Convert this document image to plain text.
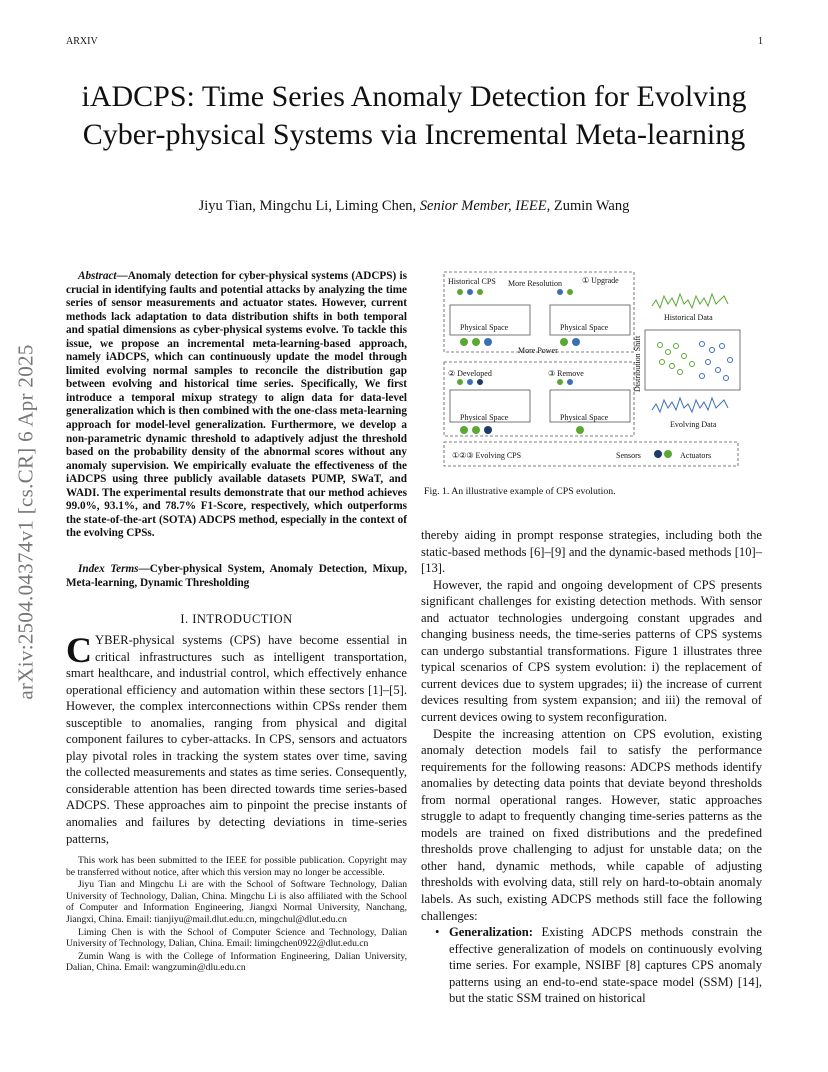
ARXIV	1
arXiv:2504.04374v1 [cs.CR] 6 Apr 2025
iADCPS: Time Series Anomaly Detection for Evolving Cyber-physical Systems via Incremental Meta-learning
Jiyu Tian, Mingchu Li, Liming Chen, Senior Member, IEEE, Zumin Wang
Abstract—Anomaly detection for cyber-physical systems (ADCPS) is crucial in identifying faults and potential attacks by analyzing the time series of sensor measurements and actuator states. However, current methods lack adaptation to data distribution shifts in both temporal and spatial dimensions as cyber-physical systems evolve. To tackle this issue, we propose an incremental meta-learning-based approach, namely iADCPS, which can continuously update the model through limited evolving normal samples to reconcile the distribution gap between evolving and historical time series. Specifically, We first introduce a temporal mixup strategy to align data for data-level generalization which is then combined with the one-class meta-learning approach for model-level generalization. Furthermore, we develop a non-parametric dynamic threshold to adaptively adjust the threshold based on the probability density of the abnormal scores without any anomaly supervision. We empirically evaluate the effectiveness of the iADCPS using three publicly available datasets PUMP, SWaT, and WADI. The experimental results demonstrate that our method achieves 99.0%, 93.1%, and 78.7% F1-Score, respectively, which outperforms the state-of-the-art (SOTA) ADCPS method, especially in the context of the evolving CPSs.
Index Terms—Cyber-physical System, Anomaly Detection, Mixup, Meta-learning, Dynamic Thresholding
I. INTRODUCTION
CYBER-physical systems (CPS) have become essential in critical infrastructures such as intelligent transportation, smart healthcare, and industrial control, which effectively enhance operational efficiency and automation within these sectors [1]–[5]. However, the complex interconnections within CPSs render them susceptible to anomalies, ranging from physical and digital component failures to cyber-attacks. In CPS, sensors and actuators play pivotal roles in tracking the system states over time, saving the collected measurements and states as time series. Consequently, considerable attention has been directed towards time series-based ADCPS. These approaches aim to pinpoint the precise instants of anomalies and failures by detecting deviations in time-series patterns,

This work has been submitted to the IEEE for possible publication. Copyright may be transferred without notice, after which this version may no longer be accessible.

Jiyu Tian and Mingchu Li are with the School of Software Technology, Dalian University of Technology, Dalian, China. Mingchu Li is also affiliated with the School of Computer and Information Engineering, Jiangxi Normal University, Nanchang, Jiangxi, China. Email: tianjiyu@mail.dlut.edu.cn, mingchul@dlut.edu.cn

Liming Chen is with the School of Computer Science and Technology, Dalian University of Technology, Dalian, China. Email: limingchen0922@dlut.edu.cn

Zumin Wang is with the College of Information Engineering, Dalian University, Dalian, China. Email: wangzumin@dlu.edu.cn

Historical CPS More Resolution	① Upgrade
Physical Space	Physical Space
More Power
② Developed	③ Remove
Physical Space	Physical Space
Historical Data
Evolving Data
①②③ Evolving CPS	Sensors	Actuators
Distribution Shift
Fig. 1. An illustrative example of CPS evolution.

thereby aiding in prompt response strategies, including both the static-based methods [6]–[9] and the dynamic-based methods [10]–[13].

However, the rapid and ongoing development of CPS presents significant challenges for existing detection methods. With sensor and actuator technologies undergoing constant upgrades and changing business needs, the time-series patterns of CPS systems can undergo substantial transformations. Figure 1 illustrates three typical scenarios of CPS system evolution: i) the replacement of current devices due to system upgrades; ii) the increase of current devices resulting from system expansion; and iii) the removal of current devices owing to system reconfiguration.

Despite the increasing attention on CPS evolution, existing anomaly detection models fail to satisfy the performance requirements for the following reasons: ADCPS methods identify anomalies by detecting data points that deviate beyond thresholds from normal operational ranges. However, static approaches struggle to adapt to frequently changing time-series patterns as the models are trained on fixed distributions and the predefined thresholds prove challenging to adjust for unstable data; on the other hand, dynamic methods, while capable of adjusting thresholds with evolving data, still rely on hard-to-obtain anomaly labels. As such, existing ADCPS methods still face the following challenges:

• Generalization: Existing ADCPS methods constrain the effective generalization of models on continuously evolving time series. For example, NSIBF [8] captures CPS anomaly patterns using an end-to-end state-space model (SSM) [14], but the static SSM trained on historical
